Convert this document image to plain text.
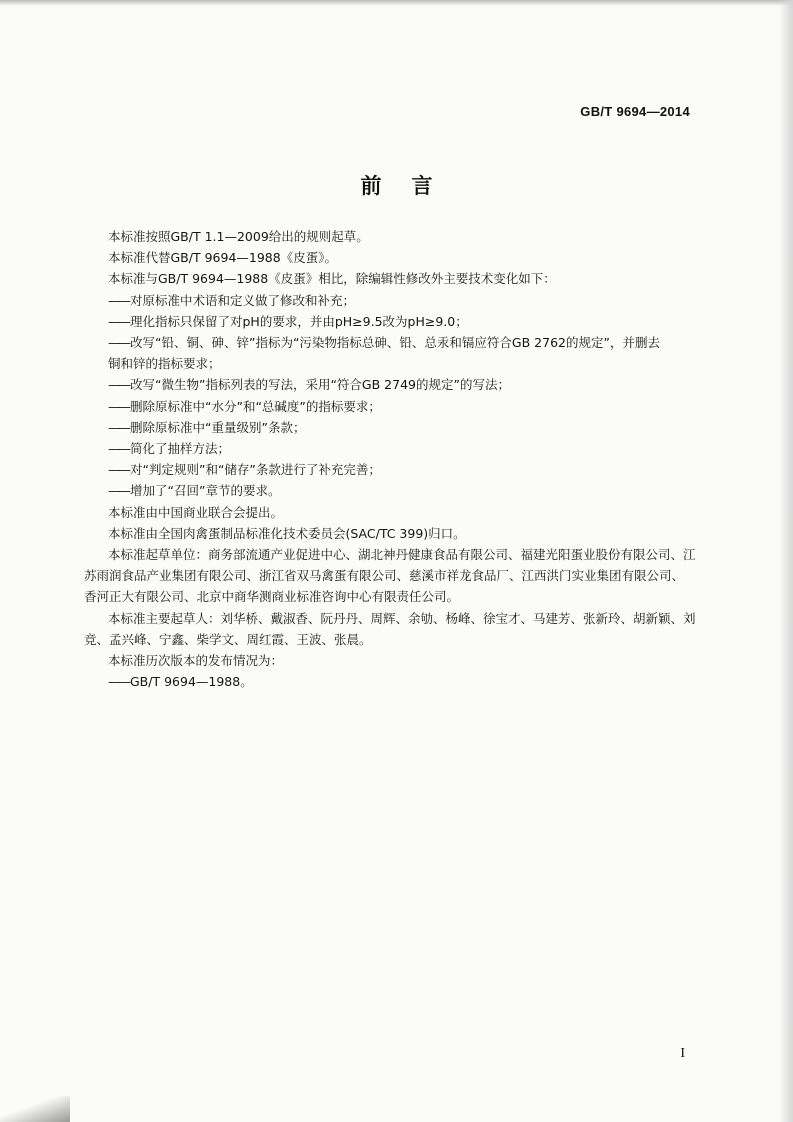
GB/T 9694—2014
前言

本标准按照GB/T 1.1—2009给出的规则起草。

本标准代替GB/T 9694—1988《皮蛋》。

本标准与GB/T 9694—1988《皮蛋》相比，除编辑性修改外主要技术变化如下：

—— 对原标准中术语和定义做了修改和补充；

—— 理化指标只保留了对pH的要求，并由pH≥9.5改为pH≥9.0；

—— 改写“铅、铜、砷、锌”指标为“污染物指标总砷、铅、总汞和镉应符合GB 2762的规定”，并删去

铜和锌的指标要求；

—— 改写“微生物”指标列表的写法，采用“符合GB 2749的规定”的写法；

—— 删除原标准中“水分”和“总碱度”的指标要求；

—— 删除原标准中“重量级别”条款；

—— 简化了抽样方法；

—— 对“判定规则”和“储存”条款进行了补充完善；

—— 增加了“召回”章节的要求。

本标准由中国商业联合会提出。

本标准由全国肉禽蛋制品标准化技术委员会(SAC/TC 399)归口。

本标准起草单位：商务部流通产业促进中心、湖北神丹健康食品有限公司、福建光阳蛋业股份有限公司、江苏雨润食品产业集团有限公司、浙江省双马禽蛋有限公司、慈溪市祥龙食品厂、江西洪门实业集团有限公司、香河正大有限公司、北京中商华测商业标准咨询中心有限责任公司。

本标准主要起草人：刘华桥、戴淑香、阮丹丹、周辉、余劬、杨峰、徐宝才、马建芳、张新玲、胡新颖、刘竞、孟兴峰、宁鑫、柴学文、周红霞、王波、张晨。

本标准历次版本的发布情况为：

—— GB/T 9694—1988。

I
